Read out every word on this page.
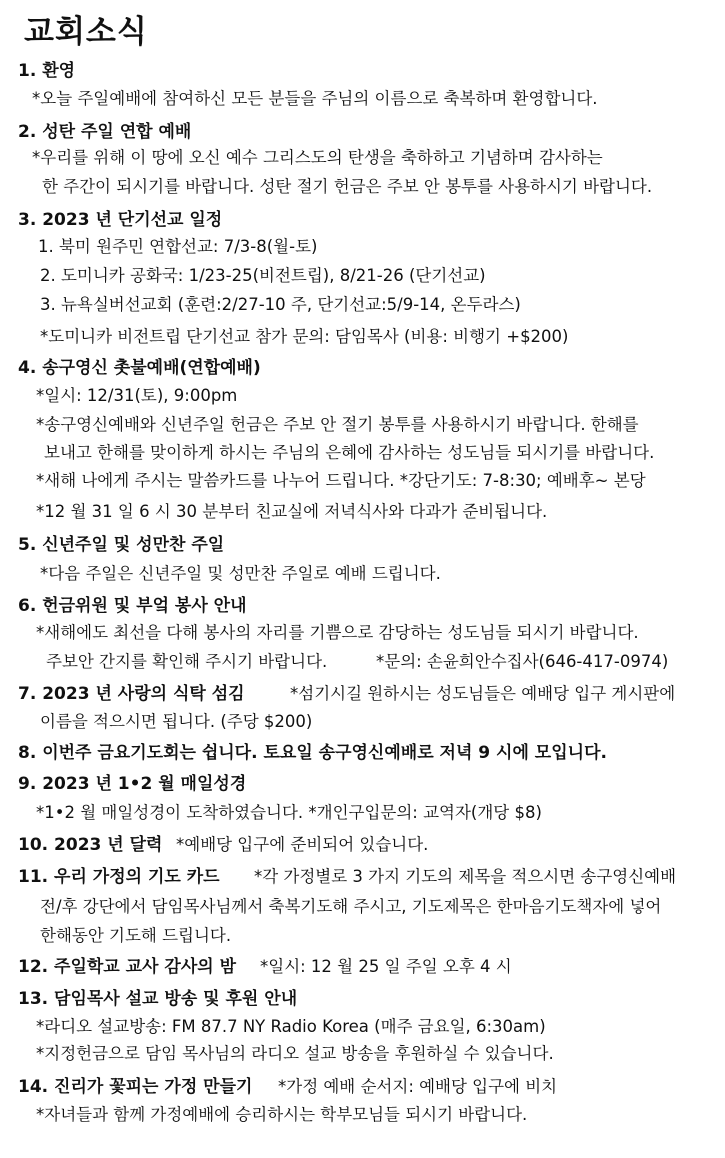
교회소식
1. 환영
*오늘 주일예배에 참여하신 모든 분들을 주님의 이름으로 축복하며 환영합니다.
2. 성탄 주일 연합 예배
*우리를 위해 이 땅에 오신 예수 그리스도의 탄생을 축하하고 기념하며 감사하는
한 주간이 되시기를 바랍니다. 성탄 절기 헌금은 주보 안 봉투를 사용하시기 바랍니다.
3. 2023 년 단기선교 일정
1. 북미 원주민 연합선교: 7/3-8(월-토)
2. 도미니카 공화국: 1/23-25(비전트립), 8/21-26 (단기선교)
3. 뉴욕실버선교회 (훈련:2/27-10 주, 단기선교:5/9-14, 온두라스)
*도미니카 비전트립 단기선교 참가 문의: 담임목사 (비용: 비행기 +$200)
4. 송구영신 촛불예배(연합예배)
*일시: 12/31(토), 9:00pm
*송구영신예배와 신년주일 헌금은 주보 안 절기 봉투를 사용하시기 바랍니다. 한해를
보내고 한해를 맞이하게 하시는 주님의 은혜에 감사하는 성도님들 되시기를 바랍니다.
*새해 나에게 주시는 말씀카드를 나누어 드립니다. *강단기도: 7-8:30; 예배후~ 본당
*12 월 31 일 6 시 30 분부터 친교실에 저녁식사와 다과가 준비됩니다.
5. 신년주일 및 성만찬 주일
*다음 주일은 신년주일 및 성만찬 주일로 예배 드립니다.
6. 헌금위원 및 부엌 봉사 안내
*새해에도 최선을 다해 봉사의 자리를 기쁨으로 감당하는 성도님들 되시기 바랍니다.
주보안 간지를 확인해 주시기 바랍니다.	*문의: 손윤희안수집사(646-417-0974)
7. 2023 년 사랑의 식탁 섬김	*섬기시길 원하시는 성도님들은 예배당 입구 게시판에
이름을 적으시면 됩니다. (주당 $200)
8. 이번주 금요기도회는 쉽니다. 토요일 송구영신예배로 저녁 9 시에 모입니다.
9. 2023 년 1•2 월 매일성경
*1•2 월 매일성경이 도착하였습니다. *개인구입문의: 교역자(개당 $8)
10. 2023 년 달력 *예배당 입구에 준비되어 있습니다.
11. 우리 가정의 기도 카드 *각 가정별로 3 가지 기도의 제목을 적으시면 송구영신예배
전/후 강단에서 담임목사님께서 축복기도해 주시고, 기도제목은 한마음기도책자에 넣어
한해동안 기도해 드립니다.
12. 주일학교 교사 감사의 밤 *일시: 12 월 25 일 주일 오후 4 시
13. 담임목사 설교 방송 및 후원 안내
*라디오 설교방송: FM 87.7 NY Radio Korea (매주 금요일, 6:30am)
*지정헌금으로 담임 목사님의 라디오 설교 방송을 후원하실 수 있습니다.
14. 진리가 꽃피는 가정 만들기 *가정 예배 순서지: 예배당 입구에 비치
*자녀들과 함께 가정예배에 승리하시는 학부모님들 되시기 바랍니다.
